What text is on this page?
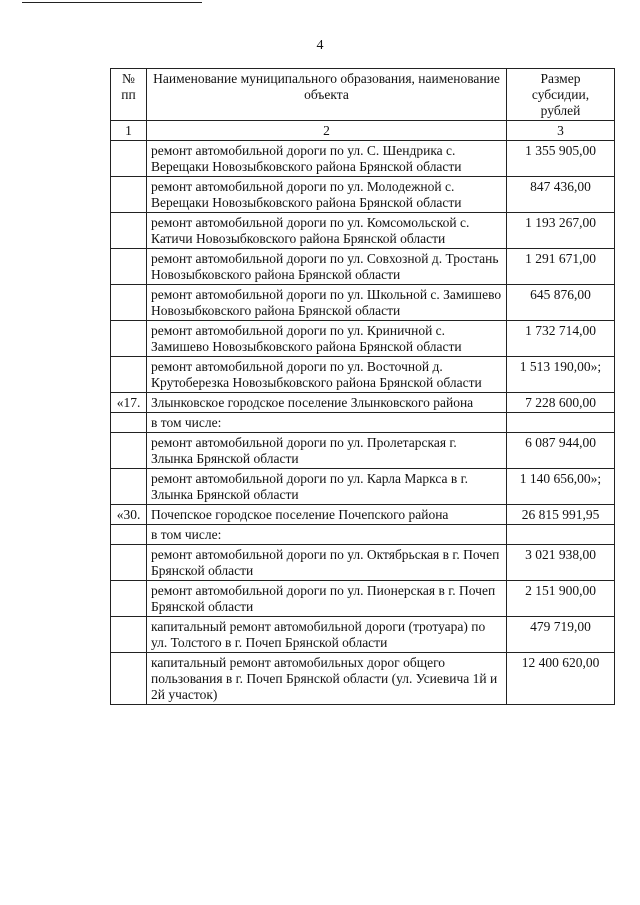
4
№ пп	Наименование муниципального образования, наименование объекта	Размер субсидии, рублей
1	2	3
	ремонт автомобильной дороги по ул. С. Шендрика с. Верещаки Новозыбковского района Брянской области	1 355 905,00
	ремонт автомобильной дороги по ул. Молодежной с. Верещаки Новозыбковского района Брянской области	847 436,00
	ремонт автомобильной дороги по ул. Комсомольской с. Катичи Новозыбковского района Брянской области	1 193 267,00
	ремонт автомобильной дороги по ул. Совхозной д. Тростань Новозыбковского района Брянской области	1 291 671,00
	ремонт автомобильной дороги по ул. Школьной с. Замишево Новозыбковского района Брянской области	645 876,00
	ремонт автомобильной дороги по ул. Криничной с. Замишево Новозыбковского района Брянской области	1 732 714,00
	ремонт автомобильной дороги по ул. Восточной д. Крутоберезка Новозыбковского района Брянской области	1 513 190,00»;
«17.	Злынковское городское поселение Злынковского района	7 228 600,00
	в том числе:	
	ремонт автомобильной дороги по ул. Пролетарская г. Злынка Брянской области	6 087 944,00
	ремонт автомобильной дороги по ул. Карла Маркса в г. Злынка Брянской области	1 140 656,00»;
«30.	Почепское городское поселение Почепского района	26 815 991,95
	в том числе:	
	ремонт автомобильной дороги по ул. Октябрьская в г. Почеп Брянской области	3 021 938,00
	ремонт автомобильной дороги по ул. Пионерская в г. Почеп Брянской области	2 151 900,00
	капитальный ремонт автомобильной дороги (тротуара) по ул. Толстого в г. Почеп Брянской области	479 719,00
	капитальный ремонт автомобильных дорог общего пользования в г. Почеп Брянской области (ул. Усиевича 1й и 2й участок)	12 400 620,00
